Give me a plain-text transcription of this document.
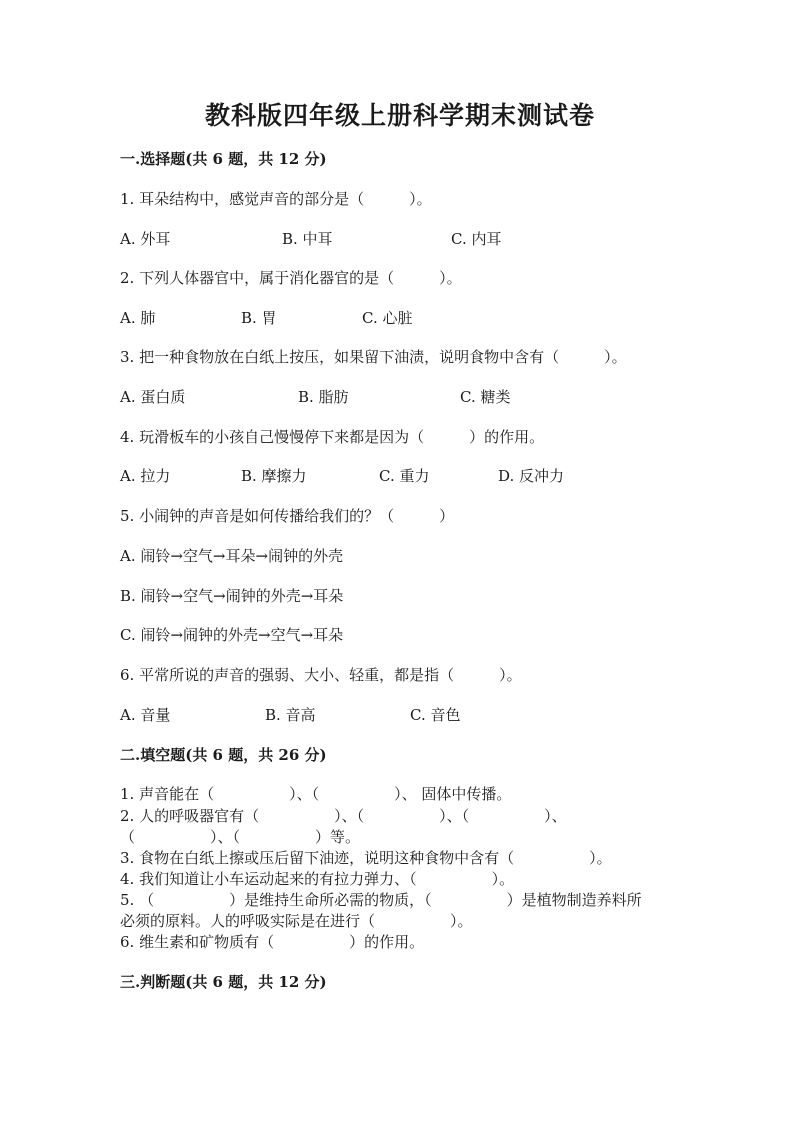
教科版四年级上册科学期末测试卷
一.选择题(共 6 题，共 12 分)
1. 耳朵结构中，感觉声音的部分是（　　　）。
A. 外耳	B. 中耳	C. 内耳
2. 下列人体器官中，属于消化器官的是（　　　）。
A. 肺	B. 胃	C. 心脏
3. 把一种食物放在白纸上按压，如果留下油渍，说明食物中含有（　　　）。
A. 蛋白质	B. 脂肪	C. 糖类
4. 玩滑板车的小孩自己慢慢停下来都是因为（　　　）的作用。
A. 拉力	B. 摩擦力	C. 重力	D. 反冲力
5. 小闹钟的声音是如何传播给我们的？（　　　）
A. 闹铃→空气→耳朵→闹钟的外壳
B. 闹铃→空气→闹钟的外壳→耳朵
C. 闹铃→闹钟的外壳→空气→耳朵
6. 平常所说的声音的强弱、大小、轻重，都是指（　　　）。
A. 音量	B. 音高	C. 音色
二.填空题(共 6 题，共 26 分)
1. 声音能在（　　　　　）、（　　　　　）、 固体中传播。
2. 人的呼吸器官有（　　　　　）、（　　　　　）、（　　　　　）、
（　　　　　）、（　　　　　）等。
3. 食物在白纸上擦或压后留下油迹，说明这种食物中含有（　　　　　）。
4. 我们知道让小车运动起来的有拉力弹力、（　　　　　）。
5. （　　　　　）是维持生命所必需的物质，（　　　　　）是植物制造养料所
必须的原料。人的呼吸实际是在进行（　　　　　）。
6. 维生素和矿物质有（　　　　　）的作用。
三.判断题(共 6 题，共 12 分)
